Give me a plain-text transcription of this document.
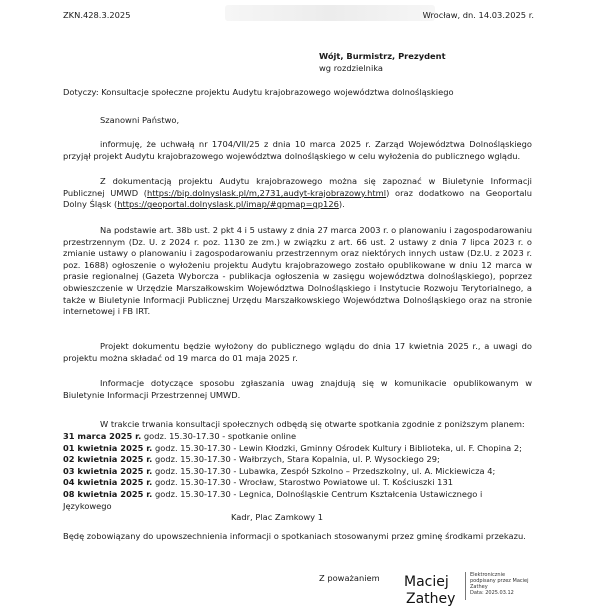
ZKN.428.3.2025	Wrocław, dn. 14.03.2025 r.
Wójt, Burmistrz, Prezydent
wg rozdzielnika
Dotyczy: Konsultacje społeczne projektu Audytu krajobrazowego województwa dolnośląskiego
Szanowni Państwo,
informuję, że uchwałą nr 1704/VII/25 z dnia 10 marca 2025 r. Zarząd Województwa Dolnośląskiego przyjął projekt Audytu krajobrazowego województwa dolnośląskiego w celu wyłożenia do publicznego wglądu.
Z dokumentacją projektu Audytu krajobrazowego można się zapoznać w Biuletynie Informacji Publicznej UMWD (https://bip.dolnyslask.pl/m,2731,audyt-krajobrazowy.html) oraz dodatkowo na Geoportalu Dolny Śląsk (https://geoportal.dolnyslask.pl/imap/#gpmap=gp126).
Na podstawie art. 38b ust. 2 pkt 4 i 5 ustawy z dnia 27 marca 2003 r. o planowaniu i zagospodarowaniu przestrzennym (Dz. U. z 2024 r. poz. 1130 ze zm.) w związku z art. 66 ust. 2 ustawy z dnia 7 lipca 2023 r. o zmianie ustawy o planowaniu i zagospodarowaniu przestrzennym oraz niektórych innych ustaw (Dz.U. z 2023 r. poz. 1688) ogłoszenie o wyłożeniu projektu Audytu krajobrazowego zostało opublikowane w dniu 12 marca w prasie regionalnej (Gazeta Wyborcza - publikacja ogłoszenia w zasięgu województwa dolnośląskiego), poprzez obwieszczenie w Urzędzie Marszałkowskim Województwa Dolnośląskiego i Instytucie Rozwoju Terytorialnego, a także w Biuletynie Informacji Publicznej Urzędu Marszałkowskiego Województwa Dolnośląskiego oraz na stronie internetowej i FB IRT.
Projekt dokumentu będzie wyłożony do publicznego wglądu do dnia 17 kwietnia 2025 r., a uwagi do projektu można składać od 19 marca do 01 maja 2025 r.
Informacje dotyczące sposobu zgłaszania uwag znajdują się w komunikacie opublikowanym w Biuletynie Informacji Przestrzennej UMWD.
W trakcie trwania konsultacji społecznych odbędą się otwarte spotkania zgodnie z poniższym planem:
31 marca 2025 r. godz. 15.30-17.30 - spotkanie online
01 kwietnia 2025 r. godz. 15.30-17.30 - Lewin Kłodzki, Gminny Ośrodek Kultury i Biblioteka, ul. F. Chopina 2;
02 kwietnia 2025 r. godz. 15.30-17.30 - Wałbrzych, Stara Kopalnia, ul. P. Wysockiego 29;
03 kwietnia 2025 r. godz. 15.30-17.30 - Lubawka, Zespół Szkolno – Przedszkolny, ul. A. Mickiewicza 4;
04 kwietnia 2025 r. godz. 15.30-17.30 - Wrocław, Starostwo Powiatowe ul. T. Kościuszki 131
08 kwietnia 2025 r. godz. 15.30-17.30 - Legnica, Dolnośląskie Centrum Kształcenia Ustawicznego i Językowego
Kadr, Plac Zamkowy 1
Będę zobowiązany do upowszechnienia informacji o spotkaniach stosowanymi przez gminę środkami przekazu.
Z poważaniem Maciej
Zathey
Elektronicznie
podpisany przez Maciej
Zathey
Data: 2025.03.12
